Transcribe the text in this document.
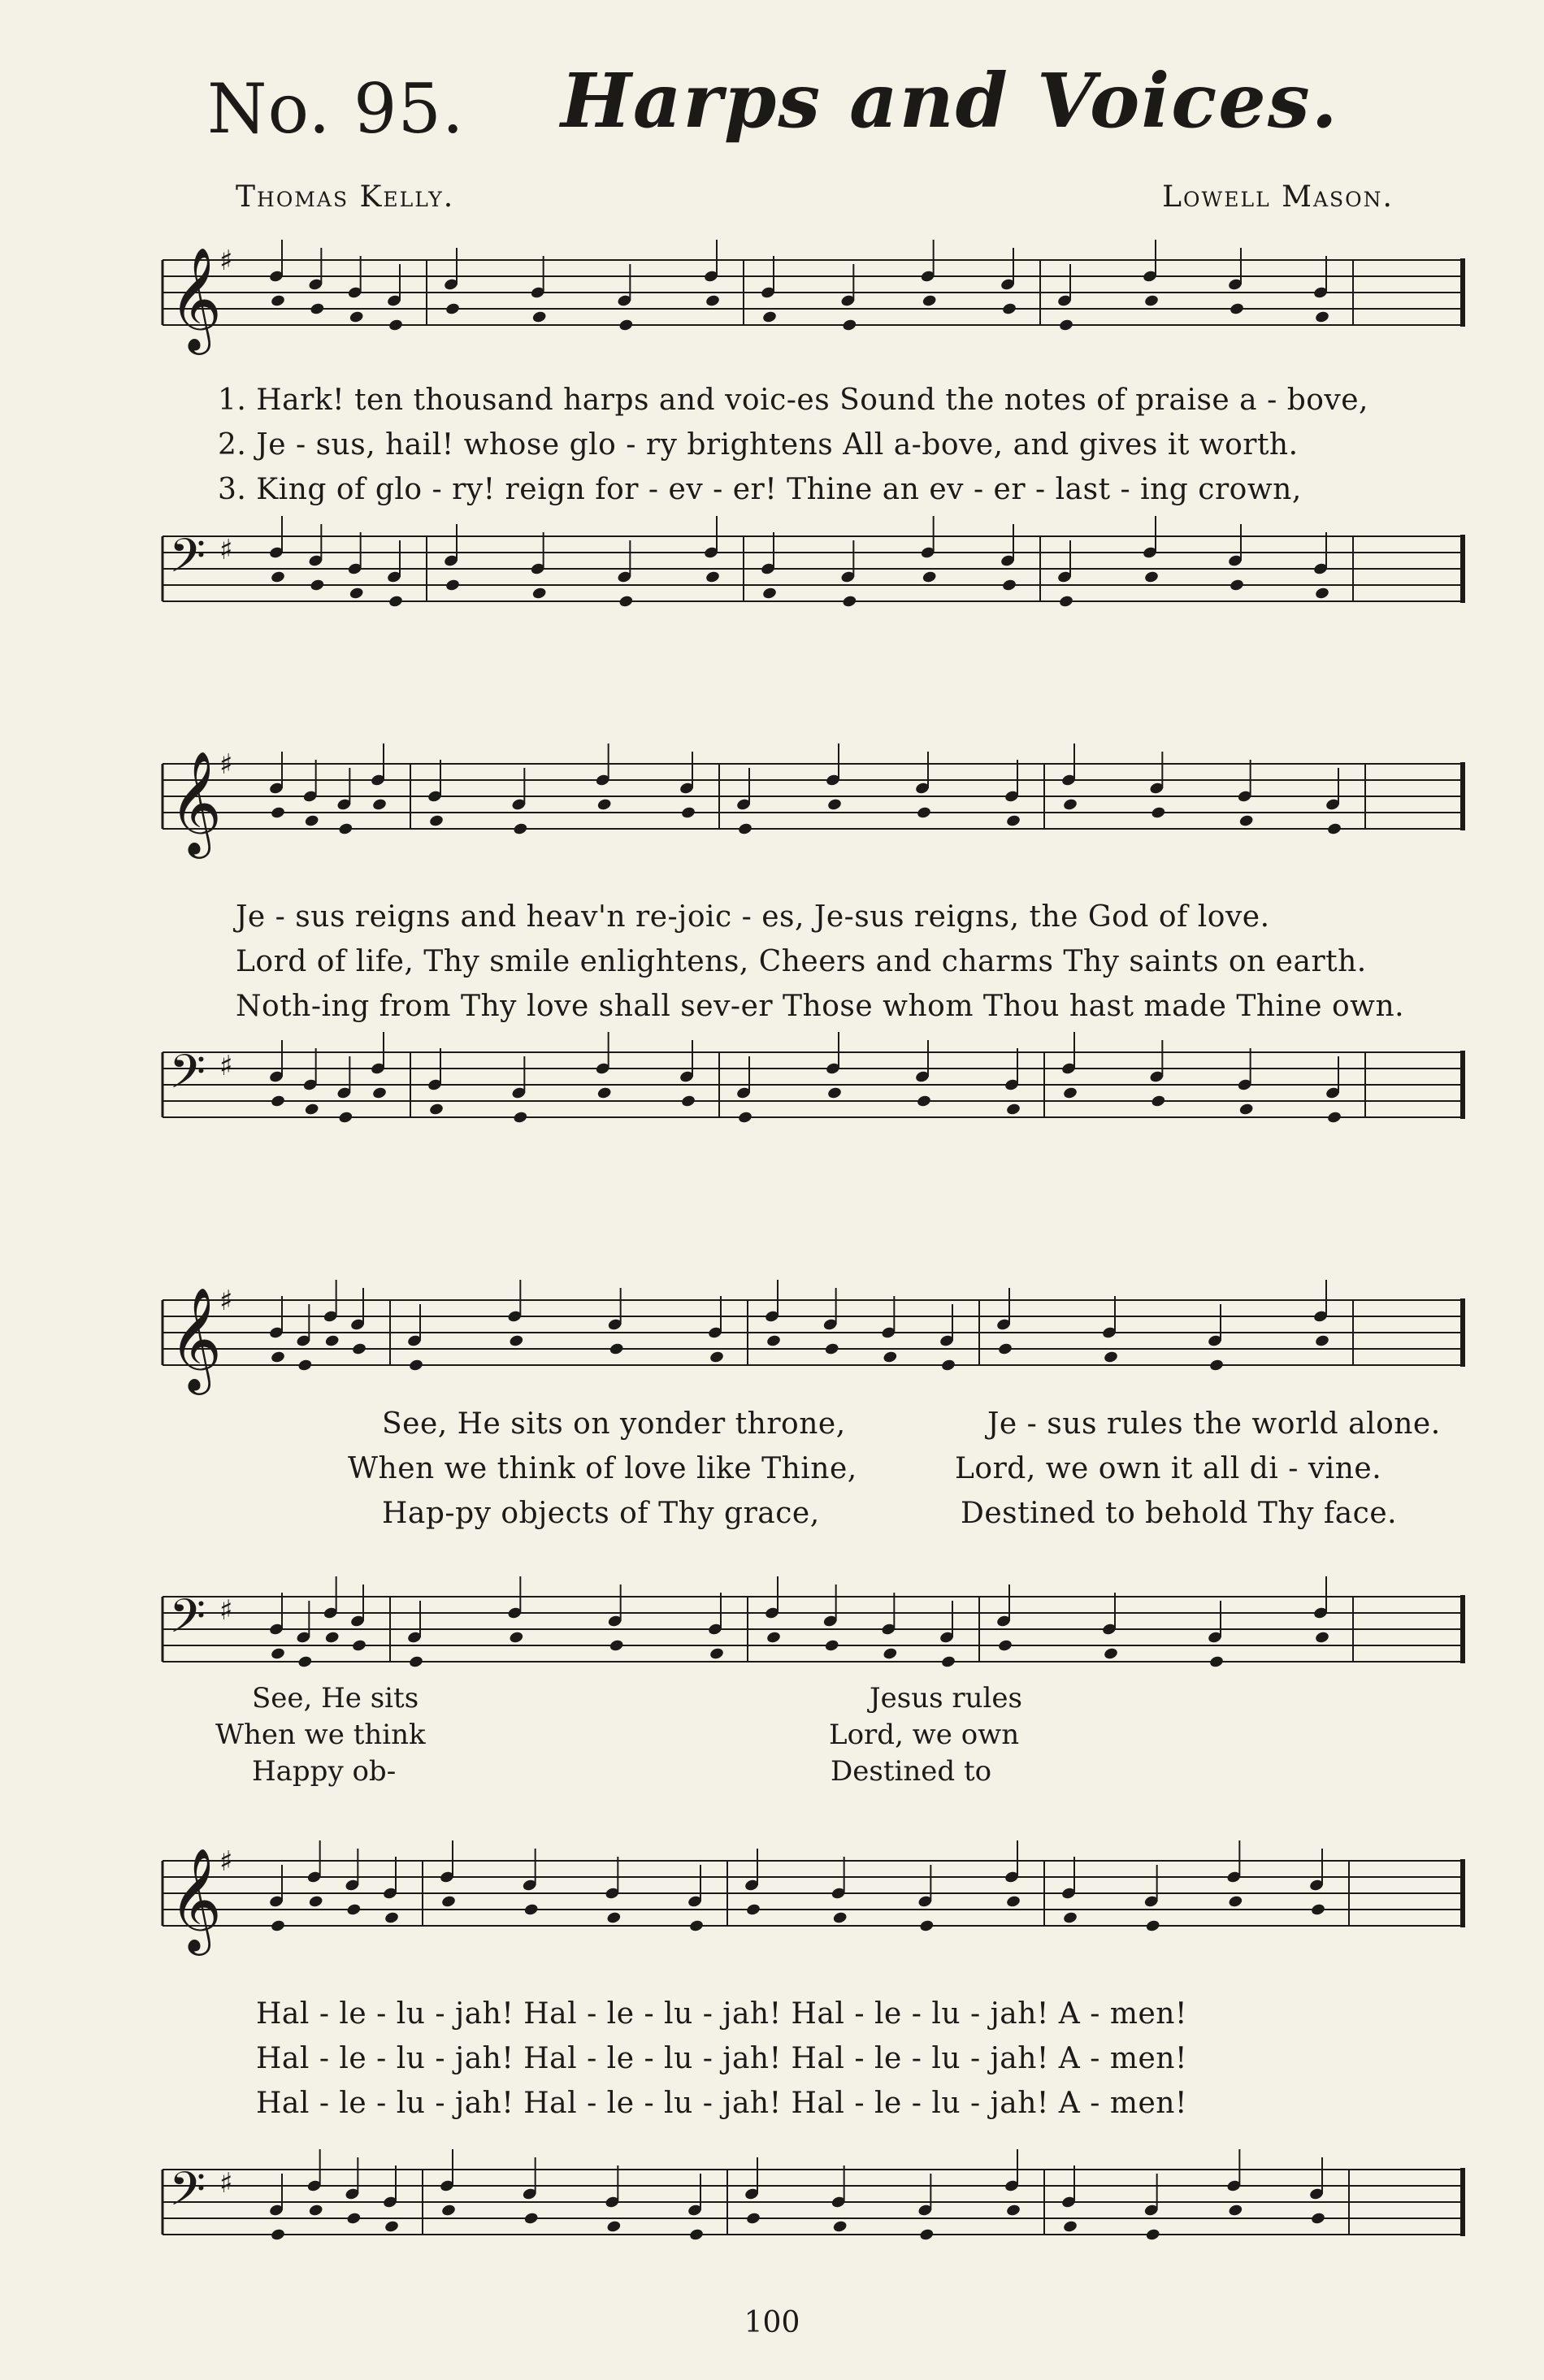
No. 95. Harps and Voices.
Thomas Kelly.	Lowell Mason.
𝄞
♯
𝄢 ♯
1. Hark! ten thousand harps and voic-es Sound the notes of praise a - bove,
2. Je - sus, hail! whose glo - ry brightens All a-bove, and gives it worth.
3. King of glo - ry! reign for - ev - er! Thine an ev - er - last - ing crown,
𝄞
♯
𝄢 ♯
Je - sus reigns and heav'n re-joic - es, Je-sus reigns, the God of love.
Lord of life, Thy smile enlightens, Cheers and charms Thy saints on earth.
Noth-ing from Thy love shall sev-er Those whom Thou hast made Thine own.
𝄞
♯
𝄢 ♯
See, He sits on yonder throne,
When we think of love like Thine,
Hap-py objects of Thy grace,
Je - sus rules the world alone.
Lord, we own it all di - vine.
Destined to behold Thy face.
See, He sits
When we think
Happy ob-
Jesus rules
Lord, we own
Destined to
𝄞
♯
𝄢 ♯
Hal - le - lu - jah! Hal - le - lu - jah! Hal - le - lu - jah! A - men!
Hal - le - lu - jah! Hal - le - lu - jah! Hal - le - lu - jah! A - men!
Hal - le - lu - jah! Hal - le - lu - jah! Hal - le - lu - jah! A - men!
100
